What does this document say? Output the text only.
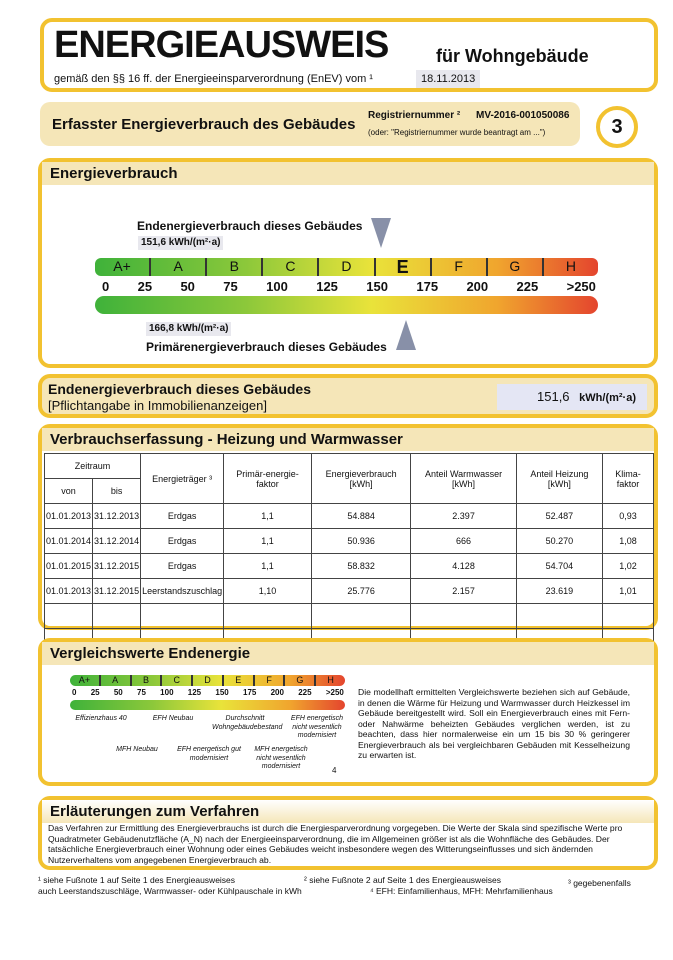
ENERGIEAUSWEIS	für Wohngebäude
gemäß den §§ 16 ff. der Energieeinsparverordnung (EnEV) vom ¹	18.11.2013
Erfasster Energieverbrauch des Gebäudes
Registriernummer ² MV-2016-001050086
(oder: "Registriernummer wurde beantragt am ...")	3
Energieverbrauch
Endenergieverbrauch dieses Gebäudes
151,6 kWh/(m²·a)
A+	A	B	C	D	E	F	G	H
0 25 50 75 100 125 150 175 200 225 >250
166,8 kWh/(m²·a)
Primärenergieverbrauch dieses Gebäudes
Endenergieverbrauch dieses Gebäudes
[Pflichtangabe in Immobilienanzeigen]
151,6 kWh/(m²·a)
Verbrauchserfassung - Heizung und Warmwasser
Zeitraum		Energieträger ³	Primär-energie-faktor	Energieverbrauch [kWh]	Anteil Warmwasser [kWh]	Anteil Heizung [kWh]	Klima-faktor
von	bis						
01.01.2013	31.12.2013	Erdgas	1,1	54.884	2.397	52.487	0,93
01.01.2014	31.12.2014	Erdgas	1,1	50.936	666	50.270	1,08
01.01.2015	31.12.2015	Erdgas	1,1	58.832	4.128	54.704	1,02
01.01.2013	31.12.2015	Leerstandszuschlag	1,10	25.776	2.157	23.619	1,01

Vergleichswerte Endenergie
A+	A	B	C	D	E	F	G	H
0 25 50 75 100 125 150 175 200 225 >250
Effizienzhaus 40
MFH Neubau
EFH Neubau
EFH energetisch gut modernisiert
Durchschnitt Wohngebäudebestand
MFH energetisch nicht wesentlich modernisiert
EFH energetisch nicht wesentlich modernisiert
4
Die modellhaft ermittelten Vergleichswerte beziehen sich auf Gebäude, in denen die Wärme für Heizung und Warmwasser durch Heizkessel im Gebäude bereitgestellt wird. Soll ein Energieverbrauch eines mit Fern- oder Nahwärme beheizten Gebäudes verglichen werden, ist zu beachten, dass hier normalerweise ein um 15 bis 30 % geringerer Energieverbrauch als bei vergleichbaren Gebäuden mit Kesselheizung zu erwarten ist.
Erläuterungen zum Verfahren
Das Verfahren zur Ermittlung des Energieverbrauchs ist durch die Energiesparverordnung vorgegeben. Die Werte der Skala sind spezifische Werte pro Quadratmeter Gebäudenutzfläche (A_N) nach der Energieeinsparverordnung, die im Allgemeinen größer ist als die Wohnfläche des Gebäudes. Der tatsächliche Energieverbrauch einer Wohnung oder eines Gebäudes weicht insbesondere wegen des Witterungseinflusses und sich ändernden Nutzerverhaltens vom angegebenen Energieverbrauch ab.
¹ siehe Fußnote 1 auf Seite 1 des Energieausweises
auch Leerstandszuschläge, Warmwasser- oder Kühlpauschale in kWh
² siehe Fußnote 2 auf Seite 1 des Energieausweises
⁴ EFH: Einfamilienhaus, MFH: Mehrfamilienhaus
³ gegebenenfalls
